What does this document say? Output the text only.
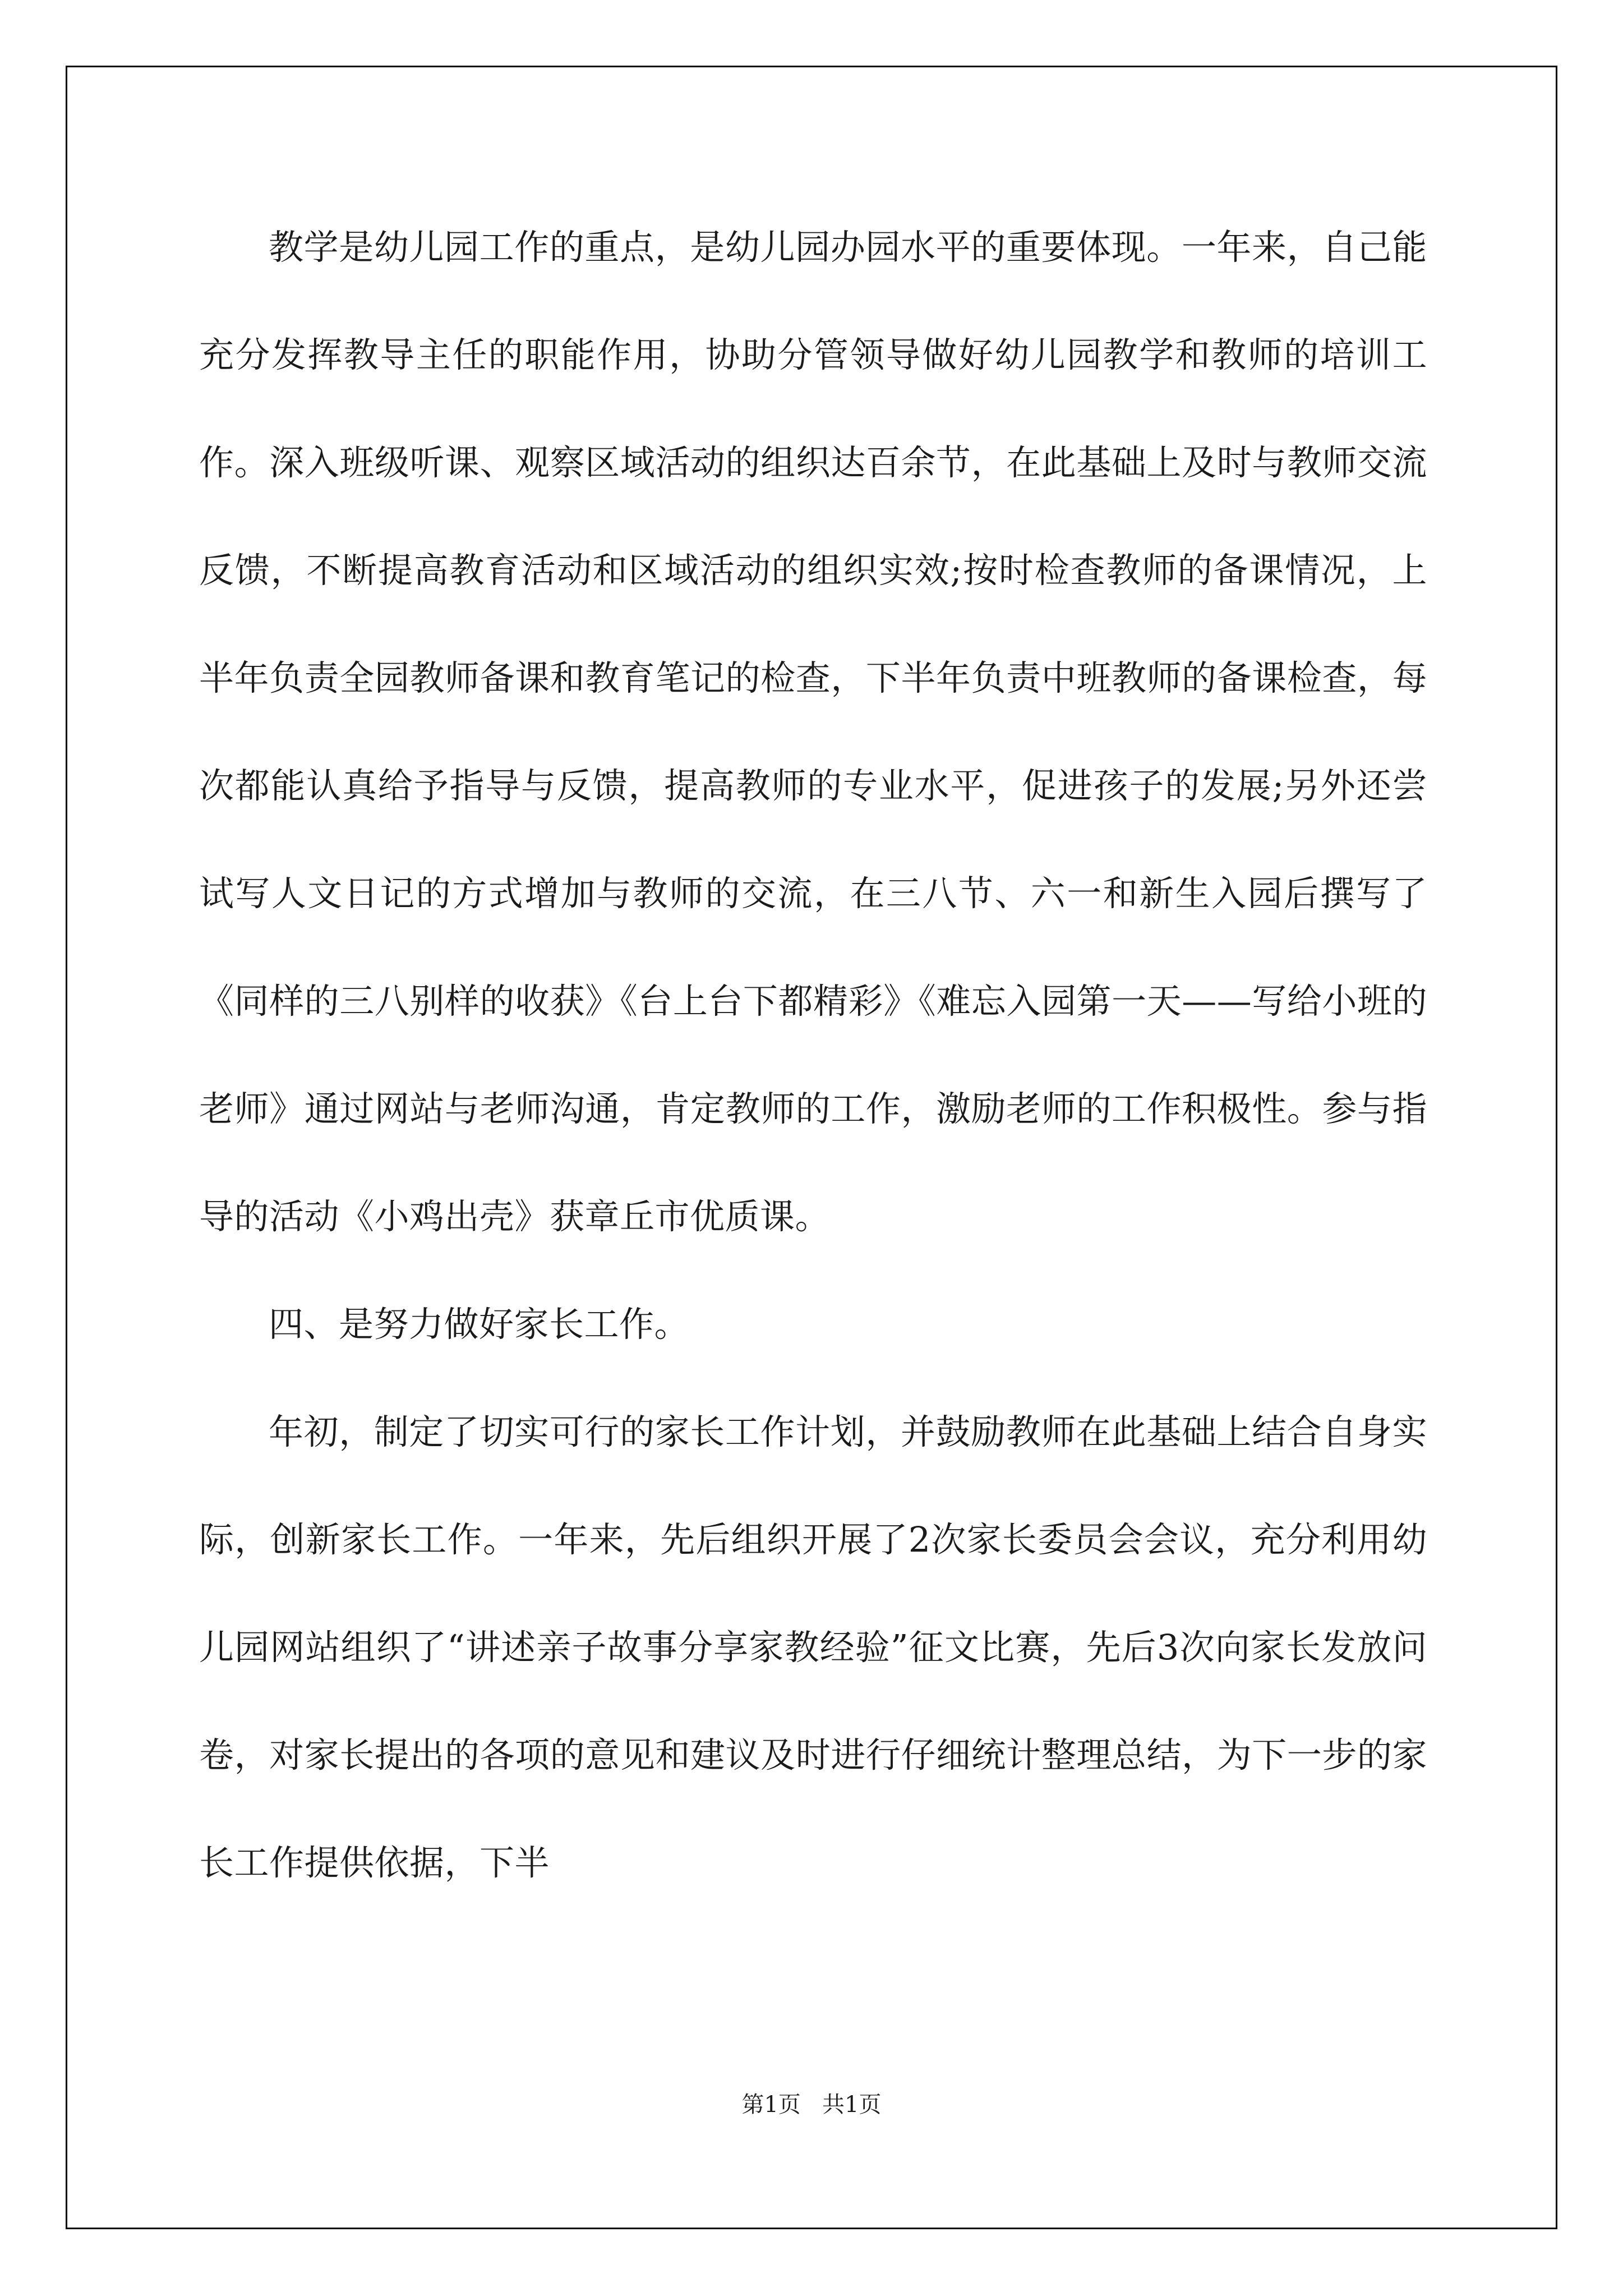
教学是幼儿园工作的重点，是幼儿园办园水平的重要体现。一年来，自己能充分发挥教导主任的职能作用，协助分管领导做好幼儿园教学和教师的培训工作。深入班级听课、观察区域活动的组织达百余节，在此基础上及时与教师交流反馈，不断提高教育活动和区域活动的组织实效;按时检查教师的备课情况，上半年负责全园教师备课和教育笔记的检查，下半年负责中班教师的备课检查，每次都能认真给予指导与反馈，提高教师的专业水平，促进孩子的发展;另外还尝试写人文日记的方式增加与教师的交流，在三八节、六一和新生入园后撰写了《同样的三八别样的收获》《台上台下都精彩》《难忘入园第一天——写给小班的老师》通过网站与老师沟通，肯定教师的工作，激励老师的工作积极性。参与指导的活动《小鸡出壳》获章丘市优质课。

四、是努力做好家长工作。

年初，制定了切实可行的家长工作计划，并鼓励教师在此基础上结合自身实际，创新家长工作。一年来，先后组织开展了2次家长委员会会议，充分利用幼儿园网站组织了“讲述亲子故事分享家教经验”征文比赛，先后3次向家长发放问卷，对家长提出的各项的意见和建议及时进行仔细统计整理总结，为下一步的家长工作提供依据，下半

第1页   共1页
